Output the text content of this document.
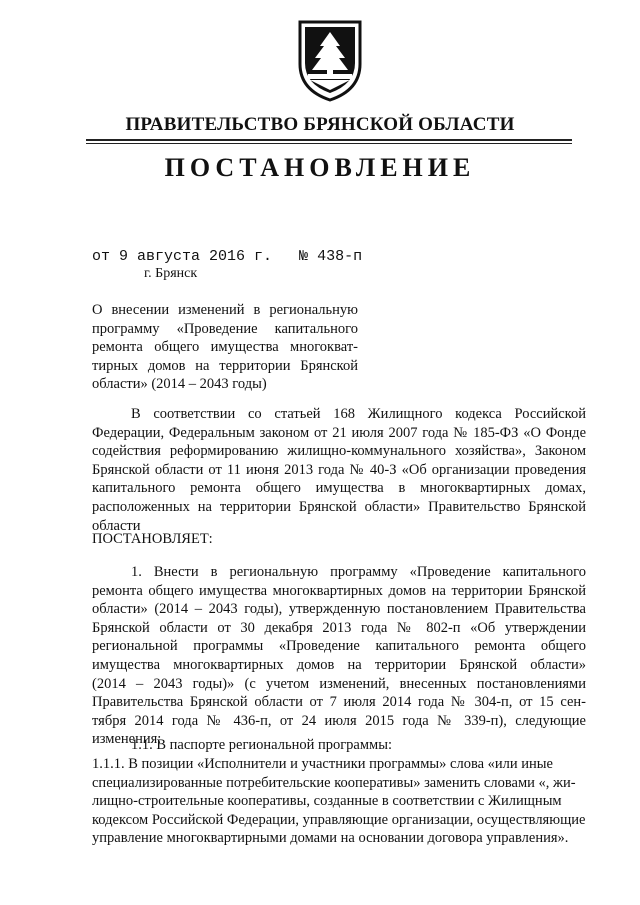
ПРАВИТЕЛЬСТВО БРЯНСКОЙ ОБЛАСТИ
ПОСТАНОВЛЕНИЕ
от 9 августа 2016 г. № 438-п
г. Брянск
О внесении изменений в региональную
программу «Проведение капитального
ремонта общего имущества многокват-
тирных домов на территории Брянской
области» (2014 – 2043 годы)
В соответствии со статьей 168 Жилищного кодекса Российской
Федерации, Федеральным законом от 21 июля 2007 года № 185-ФЗ «О Фонде
содействия реформированию жилищно-коммунального хозяйства», Законом
Брянской области от 11 июня 2013 года № 40-З «Об организации проведения
капитального ремонта общего имущества в многоквартирных домах,
расположенных на территории Брянской области» Правительство Брянской
области
ПОСТАНОВЛЯЕТ:
1. Внести в региональную программу «Проведение капитального
ремонта общего имущества многоквартирных домов на территории Брянской
области» (2014 – 2043 годы), утвержденную постановлением Правительства
Брянской области от 30 декабря 2013 года № 802-п «Об утверждении
региональной программы «Проведение капитального ремонта общего
имущества многоквартирных домов на территории Брянской области»
(2014 – 2043 годы)» (с учетом изменений, внесенных постановлениями
Правительства Брянской области от 7 июля 2014 года № 304-п, от 15 сен-
тября 2014 года № 436-п, от 24 июля 2015 года № 339-п), следующие
изменения:
1.1. В паспорте региональной программы:
1.1.1. В позиции «Исполнители и участники программы» слова «или иные специализированные потребительские кооперативы» заменить словами «, жи- лищно-строительные кооперативы, созданные в соответствии с Жилищным кодексом Российской Федерации, управляющие организации, осуществляющие управление многоквартирными домами на основании договора управления».
